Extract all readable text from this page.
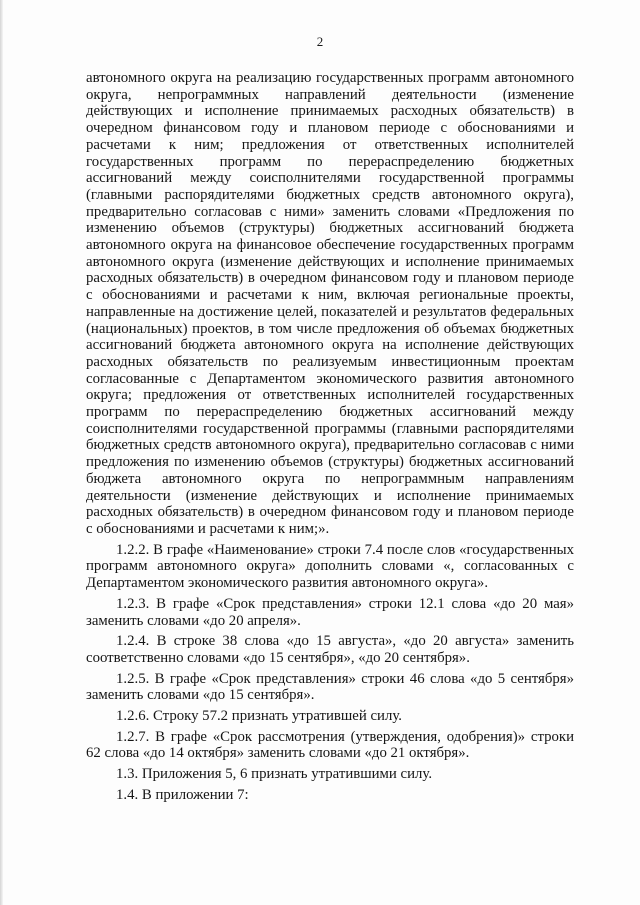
2

автономного округа на реализацию государственных программ автономного округа, непрограммных направлений деятельности (изменение действующих и исполнение принимаемых расходных обязательств) в очередном финансовом году и плановом периоде с обоснованиями и расчетами к ним; предложения от ответственных исполнителей государственных программ по перераспределению бюджетных ассигнований между соисполнителями государственной программы (главными распорядителями бюджетных средств автономного округа), предварительно согласовав с ними» заменить словами «Предложения по изменению объемов (структуры) бюджетных ассигнований бюджета автономного округа на финансовое обеспечение государственных программ автономного округа (изменение действующих и исполнение принимаемых расходных обязательств) в очередном финансовом году и плановом периоде с обоснованиями и расчетами к ним, включая региональные проекты, направленные на достижение целей, показателей и результатов федеральных (национальных) проектов, в том числе предложения об объемах бюджетных ассигнований бюджета автономного округа на исполнение действующих расходных обязательств по реализуемым инвестиционным проектам согласованные с Департаментом экономического развития автономного округа; предложения от ответственных исполнителей государственных программ по перераспределению бюджетных ассигнований между соисполнителями государственной программы (главными распорядителями бюджетных средств автономного округа), предварительно согласовав с ними предложения по изменению объемов (структуры) бюджетных ассигнований бюджета автономного округа по непрограммным направлениям деятельности (изменение действующих и исполнение принимаемых расходных обязательств) в очередном финансовом году и плановом периоде с обоснованиями и расчетами к ним;».

1.2.2. В графе «Наименование» строки 7.4 после слов «государственных программ автономного округа» дополнить словами «, согласованных с Департаментом экономического развития автономного округа».

1.2.3. В графе «Срок представления» строки 12.1 слова «до 20 мая» заменить словами «до 20 апреля».

1.2.4. В строке 38 слова «до 15 августа», «до 20 августа» заменить соответственно словами «до 15 сентября», «до 20 сентября».

1.2.5. В графе «Срок представления» строки 46 слова «до 5 сентября» заменить словами «до 15 сентября».

1.2.6. Строку 57.2 признать утратившей силу.

1.2.7. В графе «Срок рассмотрения (утверждения, одобрения)» строки 62 слова «до 14 октября» заменить словами «до 21 октября».

1.3. Приложения 5, 6 признать утратившими силу.

1.4. В приложении 7:
